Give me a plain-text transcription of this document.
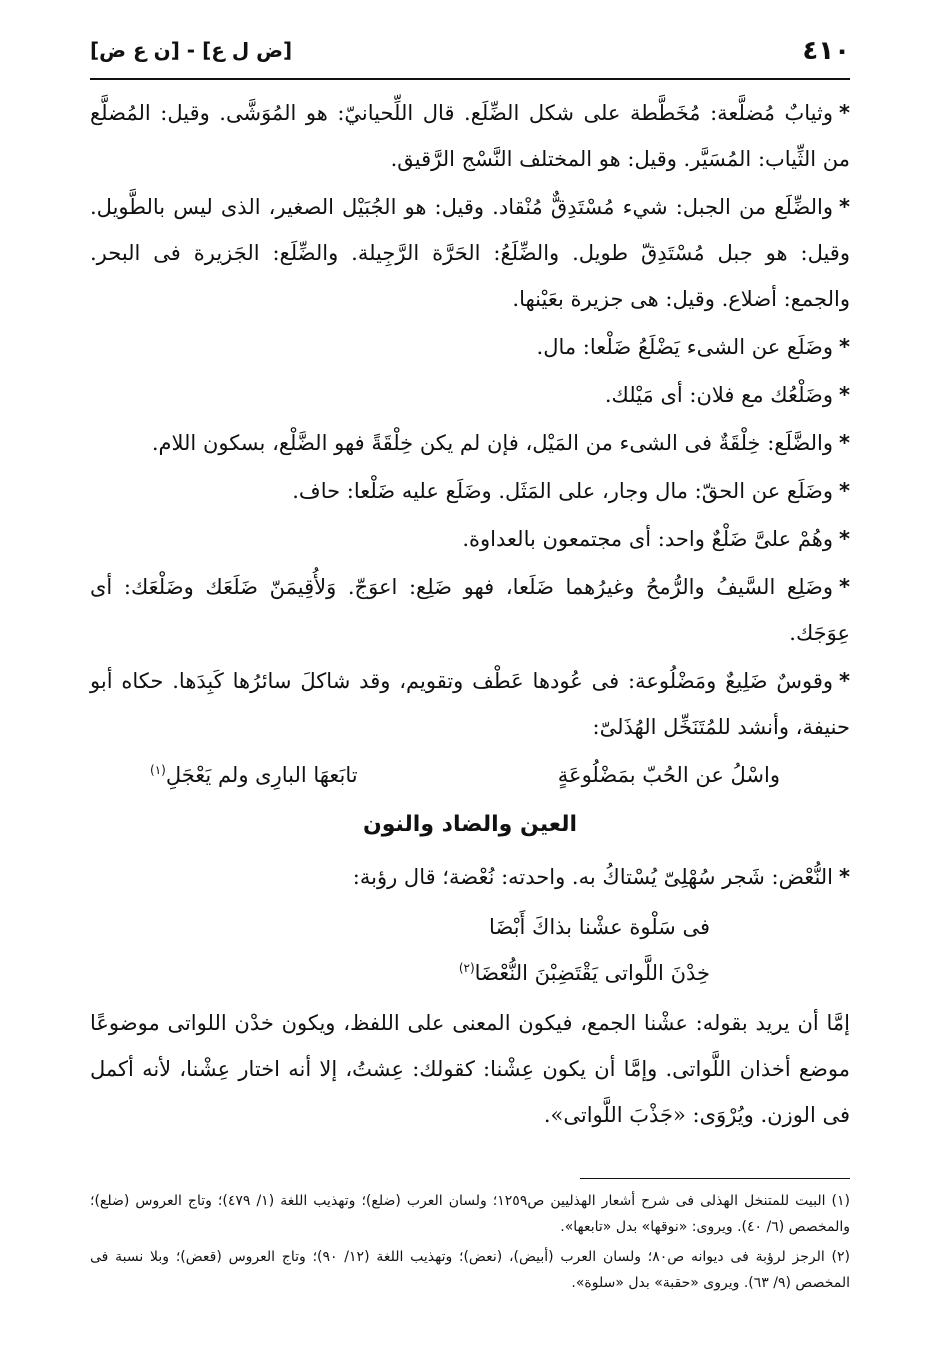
٤١٠
[ض ل ع] - [ن ع ض]

*وثيابٌ مُضلَّعة: مُخَطَّطة على شكل الضِّلَع. قال اللِّحيانيّ: هو المُوَشَّى. وقيل: المُضلَّع من الثِّياب: المُسَيَّر. وقيل: هو المختلف النَّسْج الرَّقيق.

*والضِّلَع من الجبل: شيء مُسْتَدِقٌّ مُنْقاد. وقيل: هو الجُبَيْل الصغير، الذى ليس بالطَّويل. وقيل: هو جبل مُسْتَدِقّ طويل. والضِّلَعُ: الحَرَّة الرَّجِيلة. والضِّلَع: الجَزيرة فى البحر. والجمع: أضلاع. وقيل: هى جزيرة بعَيْنها.

*وضَلَع عن الشىء يَضْلَعُ ضَلْعا: مال.

*وضَلْعُك مع فلان: أى مَيْلك.

*والضَّلَع: خِلْقَةٌ فى الشىء من المَيْل، فإن لم يكن خِلْقَةً فهو الضَّلْع، بسكون اللام.

*وضَلَع عن الحقّ: مال وجار، على المَثَل. وضَلَع عليه ضَلْعا: حاف.

*وهُمْ علىَّ ضَلْعٌ واحد: أى مجتمعون بالعداوة.

*وضَلِع السَّيفُ والرُّمحُ وغيرُهما ضَلَعا، فهو ضَلِع: اعوَجّ. وَلأُقِيمَنّ ضَلَعَك وضَلْعَك: أى عِوَجَك.

*وقوسٌ ضَلِيعٌ ومَضْلُوعة: فى عُودها عَطْف وتقويم، وقد شاكلَ سائرُها كَبِدَها. حكاه أبو حنيفة، وأنشد للمُتَنَخِّل الهُذَلىّ:

واسْلُ عن الحُبّ بمَضْلُوعَةٍ
تابَعهَا البارِى ولم يَعْجَلِ$^{(١)}$
العين والضاد والنون

*النُّعْض: شَجر سُهْلِىّ يُسْتاكُ به. واحدته: نُعْضة؛ قال رؤبة:

فى سَلْوة عشْنا بذاكَ أَبْضَا
خِدْنَ اللَّواتى يَقْتَضِبْنَ النُّعْضَا$^{(٢)}$

إمَّا أن يريد بقوله: عشْنا الجمع، فيكون المعنى على اللفظ، ويكون خدْن اللواتى موضوعًا موضع أخذان اللَّواتى. وإمَّا أن يكون عِشْنا: كقولك: عِشتُ، إلا أنه اختار عِشْنا، لأنه أكمل فى الوزن. ويُرْوَى: «جَذْبَ اللَّواتى».

(١) البيت للمتنخل الهذلى فى شرح أشعار الهذليين ص١٢٥٩؛ ولسان العرب (ضلع)؛ وتهذيب اللغة (١/ ٤٧٩)؛ وتاج العروس (ضلع)؛ والمخصص (٦/ ٤٠). ويروى: «نوقها» بدل «تابعها».

(٢) الرجز لرؤبة فى ديوانه ص٨٠؛ ولسان العرب (أبيض)، (نعض)؛ وتهذيب اللغة (١٢/ ٩٠)؛ وتاج العروس (قعض)؛ وبلا نسبة فى المخصص (٩/ ٦٣). ويروى «حقبة» بدل «سلوة».
